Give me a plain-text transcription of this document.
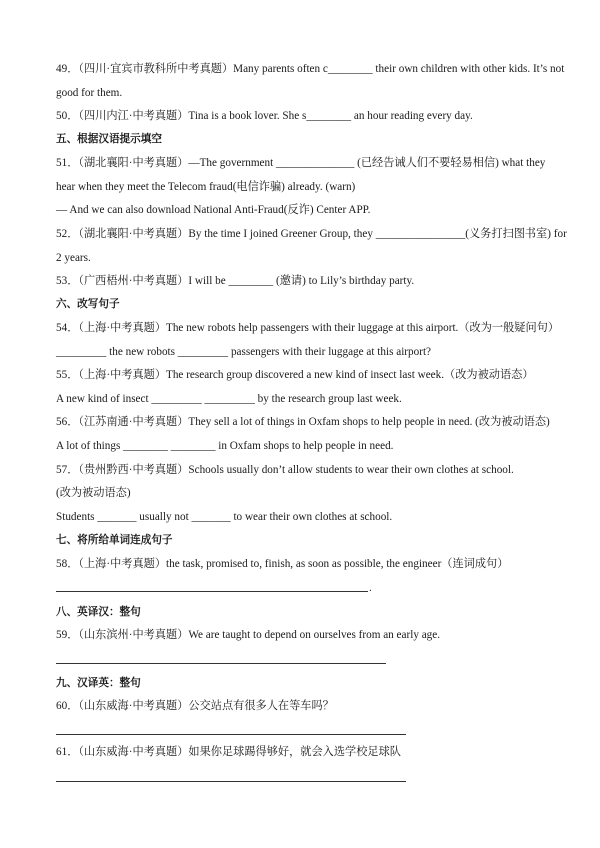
49．（四川·宜宾市教科所中考真题）Many parents often c________ their own children with other kids. It’s not
good for them.
50．（四川内江·中考真题）Tina is a book lover. She s________ an hour reading every day.
五、根据汉语提示填空
51．（湖北襄阳·中考真题）—The government ______________ (已经告诫人们不要轻易相信) what they
hear when they meet the Telecom fraud(电信诈骗) already. (warn)
— And we can also download National Anti-Fraud(反诈) Center APP.
52．（湖北襄阳·中考真题）By the time I joined Greener Group, they ________________(义务打扫图书室) for
2 years.
53．（广西梧州·中考真题）I will be ________ (邀请) to Lily’s birthday party.
六、改写句子
54．（上海·中考真题）The new robots help passengers with their luggage at this airport.（改为一般疑问句）
_________ the new robots _________ passengers with their luggage at this airport?
55．（上海·中考真题）The research group discovered a new kind of insect last week.（改为被动语态）
A new kind of insect _________ _________ by the research group last week.
56．（江苏南通·中考真题）They sell a lot of things in Oxfam shops to help people in need. (改为被动语态)
A lot of things ________ ________ in Oxfam shops to help people in need.
57．（贵州黔西·中考真题）Schools usually don’t allow students to wear their own clothes at school.
(改为被动语态)
Students _______ usually not _______ to wear their own clothes at school.
七、将所给单词连成句子
58．（上海·中考真题）the task, promised to, finish, as soon as possible, the engineer（连词成句）
.
八、英译汉：整句
59．（山东滨州·中考真题）We are taught to depend on ourselves from an early age.
九、汉译英：整句
60．（山东威海·中考真题）公交站点有很多人在等车吗？
61．（山东威海·中考真题）如果你足球踢得够好，就会入选学校足球队
